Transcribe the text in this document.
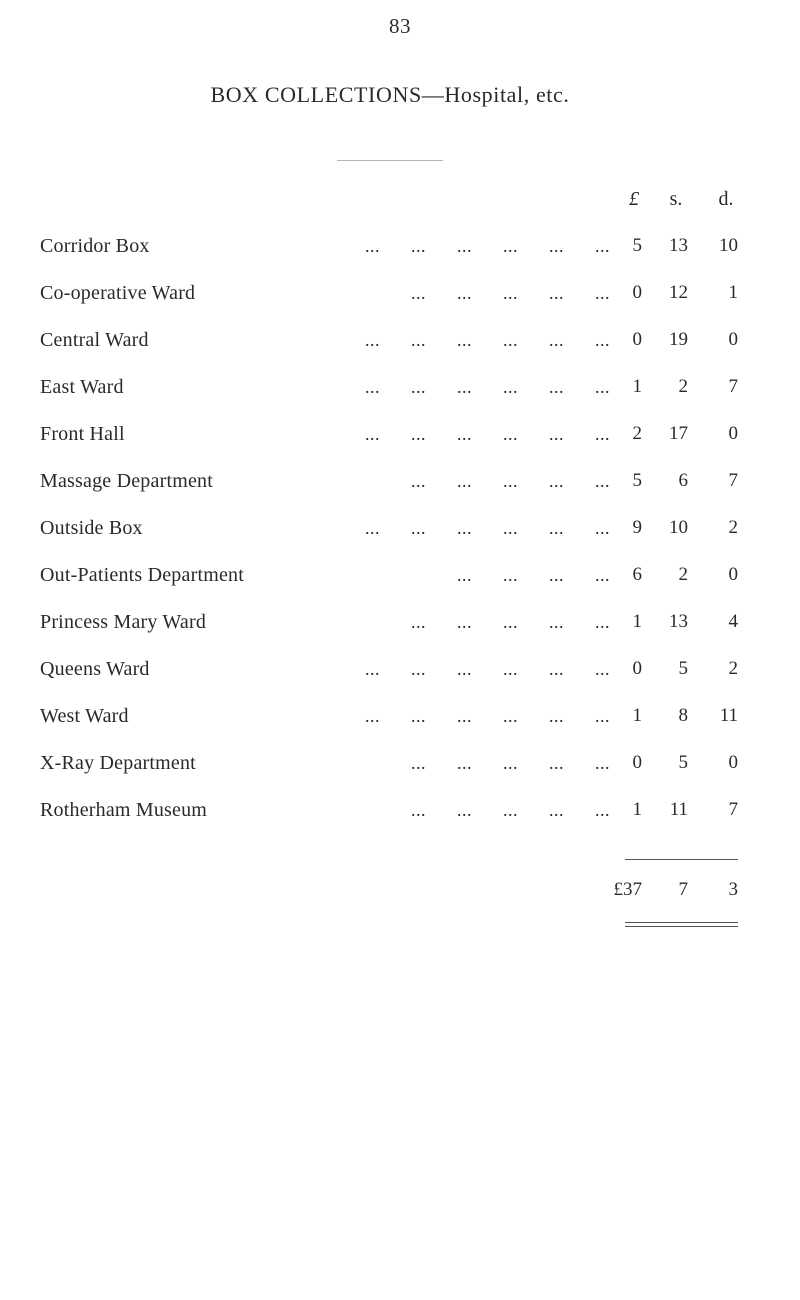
83
BOX COLLECTIONS—Hospital, etc.
£ s.	d.
Corridor Box	... ... ... ... ... ...	5	13	10
Co-operative Ward	... ... ... ... ...	0	12	1
Central Ward	... ... ... ... ... ...	0	19	0
East Ward	... ... ... ... ... ...	1	2	7
Front Hall	... ... ... ... ... ...	2	17	0
Massage Department	... ... ... ... ...	5	6	7
Outside Box	... ... ... ... ... ...	9	10	2
Out-Patients Department	... ... ... ...	6	2	0
Princess Mary Ward	... ... ... ... ...	1	13	4
Queens Ward	... ... ... ... ... ...	0	5	2
West Ward	... ... ... ... ... ...	1	8	11
X-Ray Department	... ... ... ... ...	0	5	0
Rotherham Museum	... ... ... ... ...	1	11	7
£37	7	3
